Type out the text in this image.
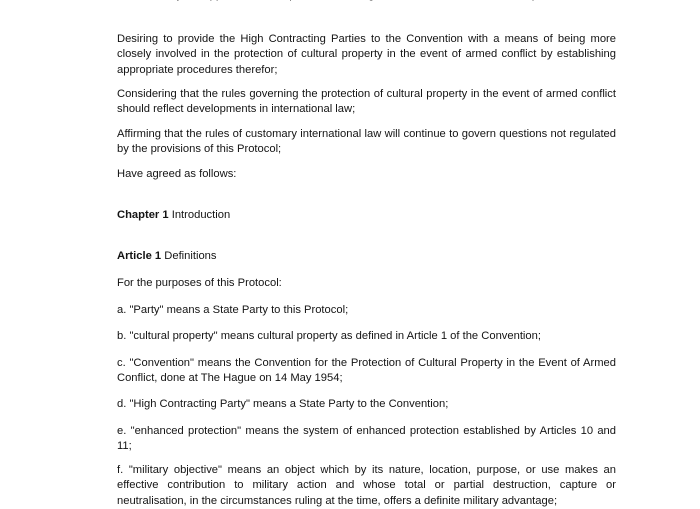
Desiring to provide the High Contracting Parties to the Convention with a means of being more closely involved in the protection of cultural property in the event of armed conflict by establishing appropriate procedures therefor;

Considering that the rules governing the protection of cultural property in the event of armed conflict should reflect developments in international law;

Affirming that the rules of customary international law will continue to govern questions not regulated by the provisions of this Protocol;

Have agreed as follows:

Chapter 1 Introduction

Article 1 Definitions

For the purposes of this Protocol:

a. "Party" means a State Party to this Protocol;

b. "cultural property" means cultural property as defined in Article 1 of the Convention;

c. "Convention" means the Convention for the Protection of Cultural Property in the Event of Armed Conflict, done at The Hague on 14 May 1954;

d. "High Contracting Party" means a State Party to the Convention;

e. "enhanced protection" means the system of enhanced protection established by Articles 10 and 11;

f. "military objective" means an object which by its nature, location, purpose, or use makes an effective contribution to military action and whose total or partial destruction, capture or neutralisation, in the circumstances ruling at the time, offers a definite military advantage;
